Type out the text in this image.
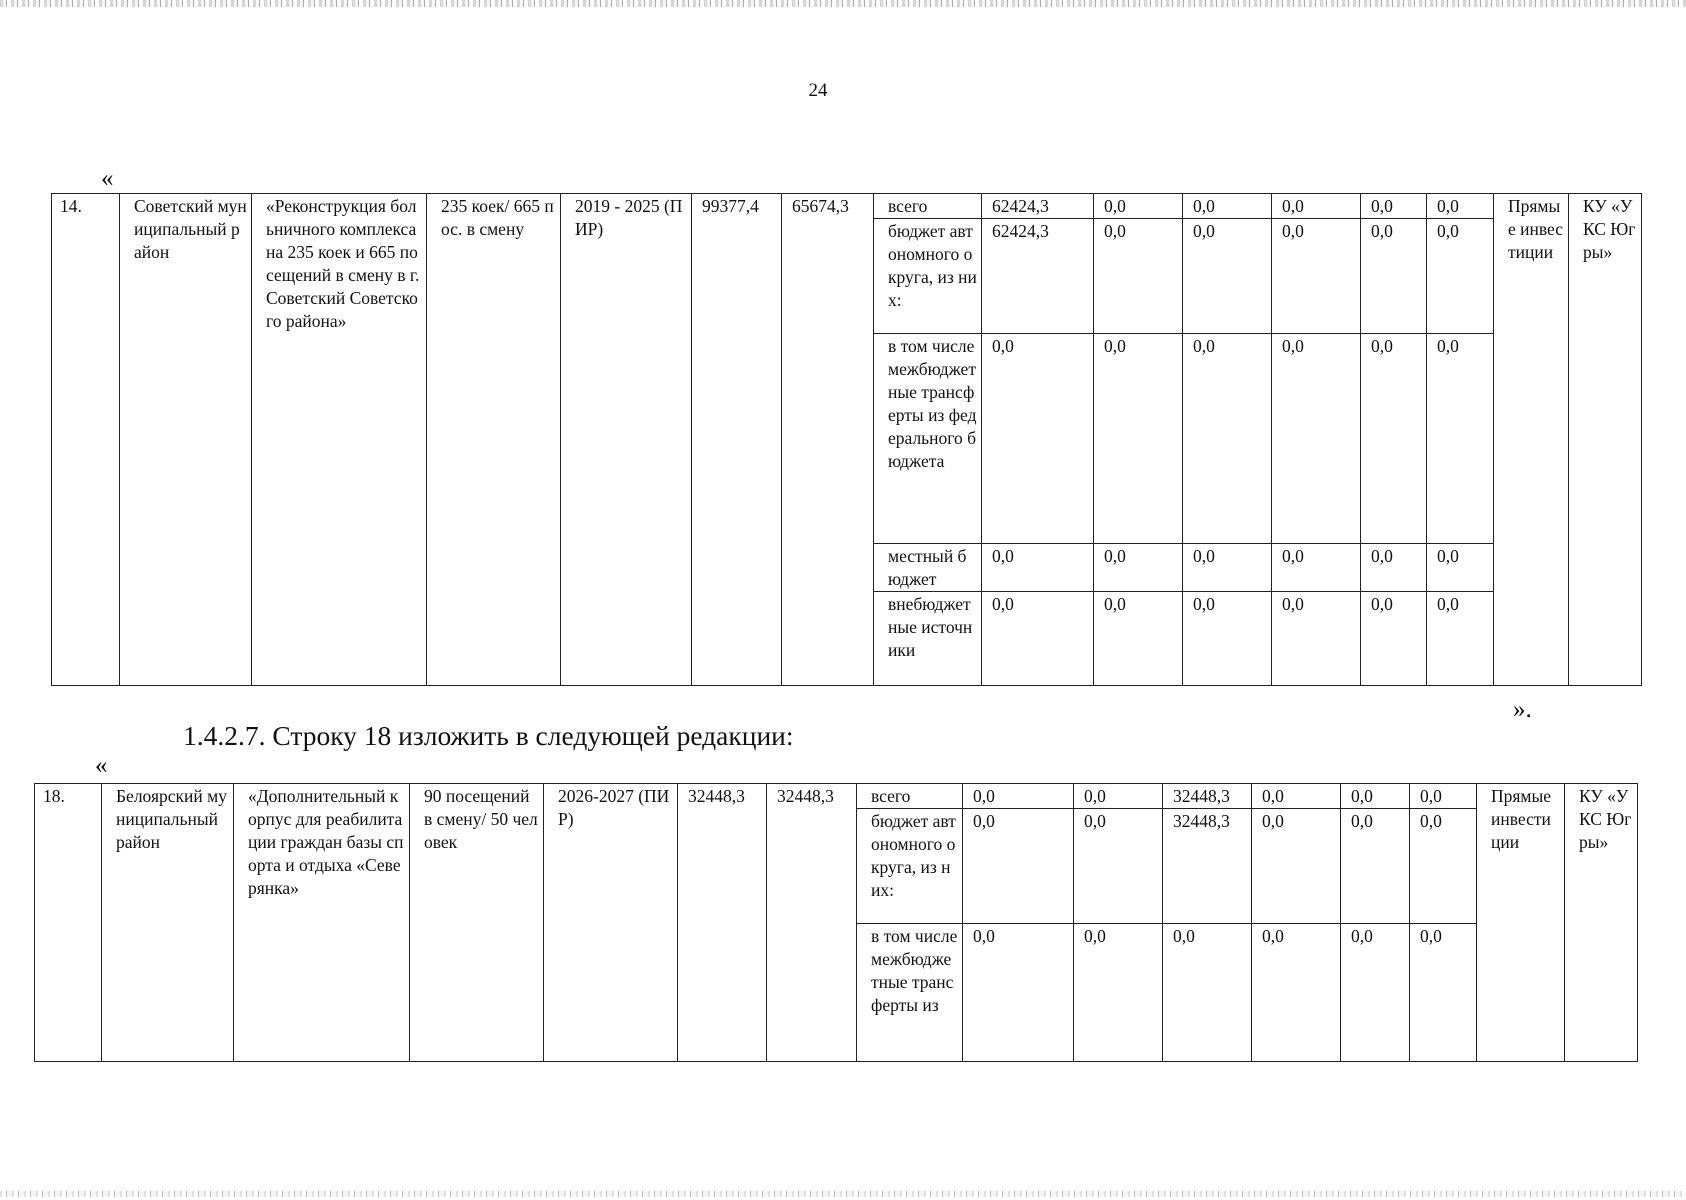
24
«
14.	Советский муниципальный район	«Реконструкция больничного комплекса на 235 коек и 665 посещений в смену в г. Советский Советского района»	235 коек/ 665 пос. в смену	2019 - 2025 (ПИР)	99377,4	65674,3	всего	62424,3	0,0	0,0	0,0	0,0	0,0	Прямые инвестиции	КУ «УКС Югры»
							бюджет автономного округа, из них:	62424,3	0,0	0,0	0,0	0,0	0,0		
							в том числе межбюджетные трансферты из федерального бюджета	0,0	0,0	0,0	0,0	0,0	0,0		
							местный бюджет	0,0	0,0	0,0	0,0	0,0	0,0		
							внебюджетные источники	0,0	0,0	0,0	0,0	0,0	0,0		
».
1.4.2.7. Строку 18 изложить в следующей редакции:
«
18.	Белоярский муниципальный район	«Дополнительный корпус для реабилитации граждан базы спорта и отдыха «Северянка»	90 посещений в смену/ 50 человек	2026-2027 (ПИР)	32448,3	32448,3	всего	0,0	0,0	32448,3	0,0	0,0	0,0	Прямые инвестиции	КУ «УКС Югры»
							бюджет автономного округа, из них:	0,0	0,0	32448,3	0,0	0,0	0,0		
							в том числе межбюджетные трансферты из	0,0	0,0	0,0	0,0	0,0	0,0		
